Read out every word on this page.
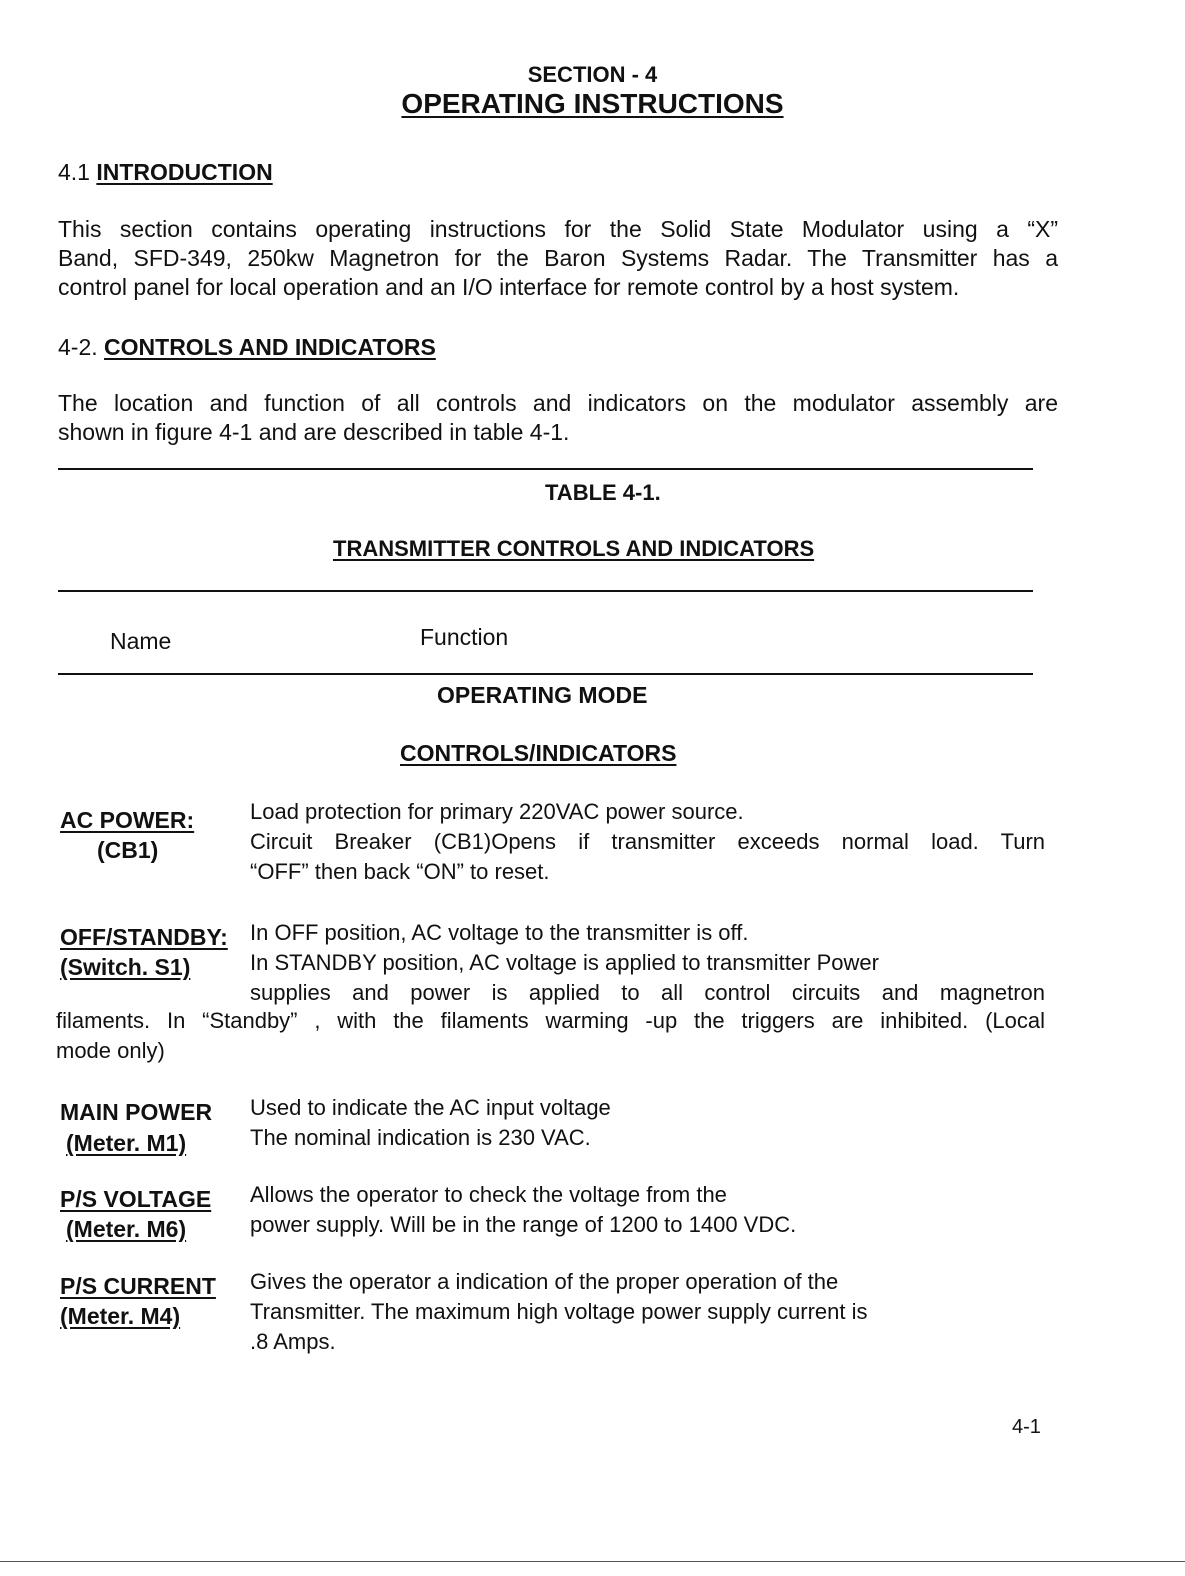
SECTION - 4
OPERATING INSTRUCTIONS
4.1 INTRODUCTION
This section contains operating instructions for the Solid State Modulator using a “X”
Band, SFD-349, 250kw Magnetron for the Baron Systems Radar. The Transmitter has a
control panel for local operation and an I/O interface for remote control by a host system.
4-2. CONTROLS AND INDICATORS
The location and function of all controls and indicators on the modulator assembly are
shown in figure 4-1 and are described in table 4-1.
TABLE 4-1.
TRANSMITTER CONTROLS AND INDICATORS
Name	Function
OPERATING MODE
CONTROLS/INDICATORS
AC POWER:
(CB1)
Load protection for primary 220VAC power source.
Circuit Breaker (CB1)Opens if transmitter exceeds normal load. Turn
“OFF” then back “ON” to reset.
OFF/STANDBY:
(Switch. S1)
In OFF position, AC voltage to the transmitter is off.
In STANDBY position, AC voltage is applied to transmitter Power
supplies and power is applied to all control circuits and magnetron
filaments. In “Standby” , with the filaments warming -up the triggers are inhibited. (Local
mode only)
MAIN POWER
(Meter. M1)
Used to indicate the AC input voltage
The nominal indication is 230 VAC.
P/S VOLTAGE
(Meter. M6)
Allows the operator to check the voltage from the
power supply. Will be in the range of 1200 to 1400 VDC.
P/S CURRENT
(Meter. M4)
Gives the operator a indication of the proper operation of the
Transmitter. The maximum high voltage power supply current is
.8 Amps.
4-1
